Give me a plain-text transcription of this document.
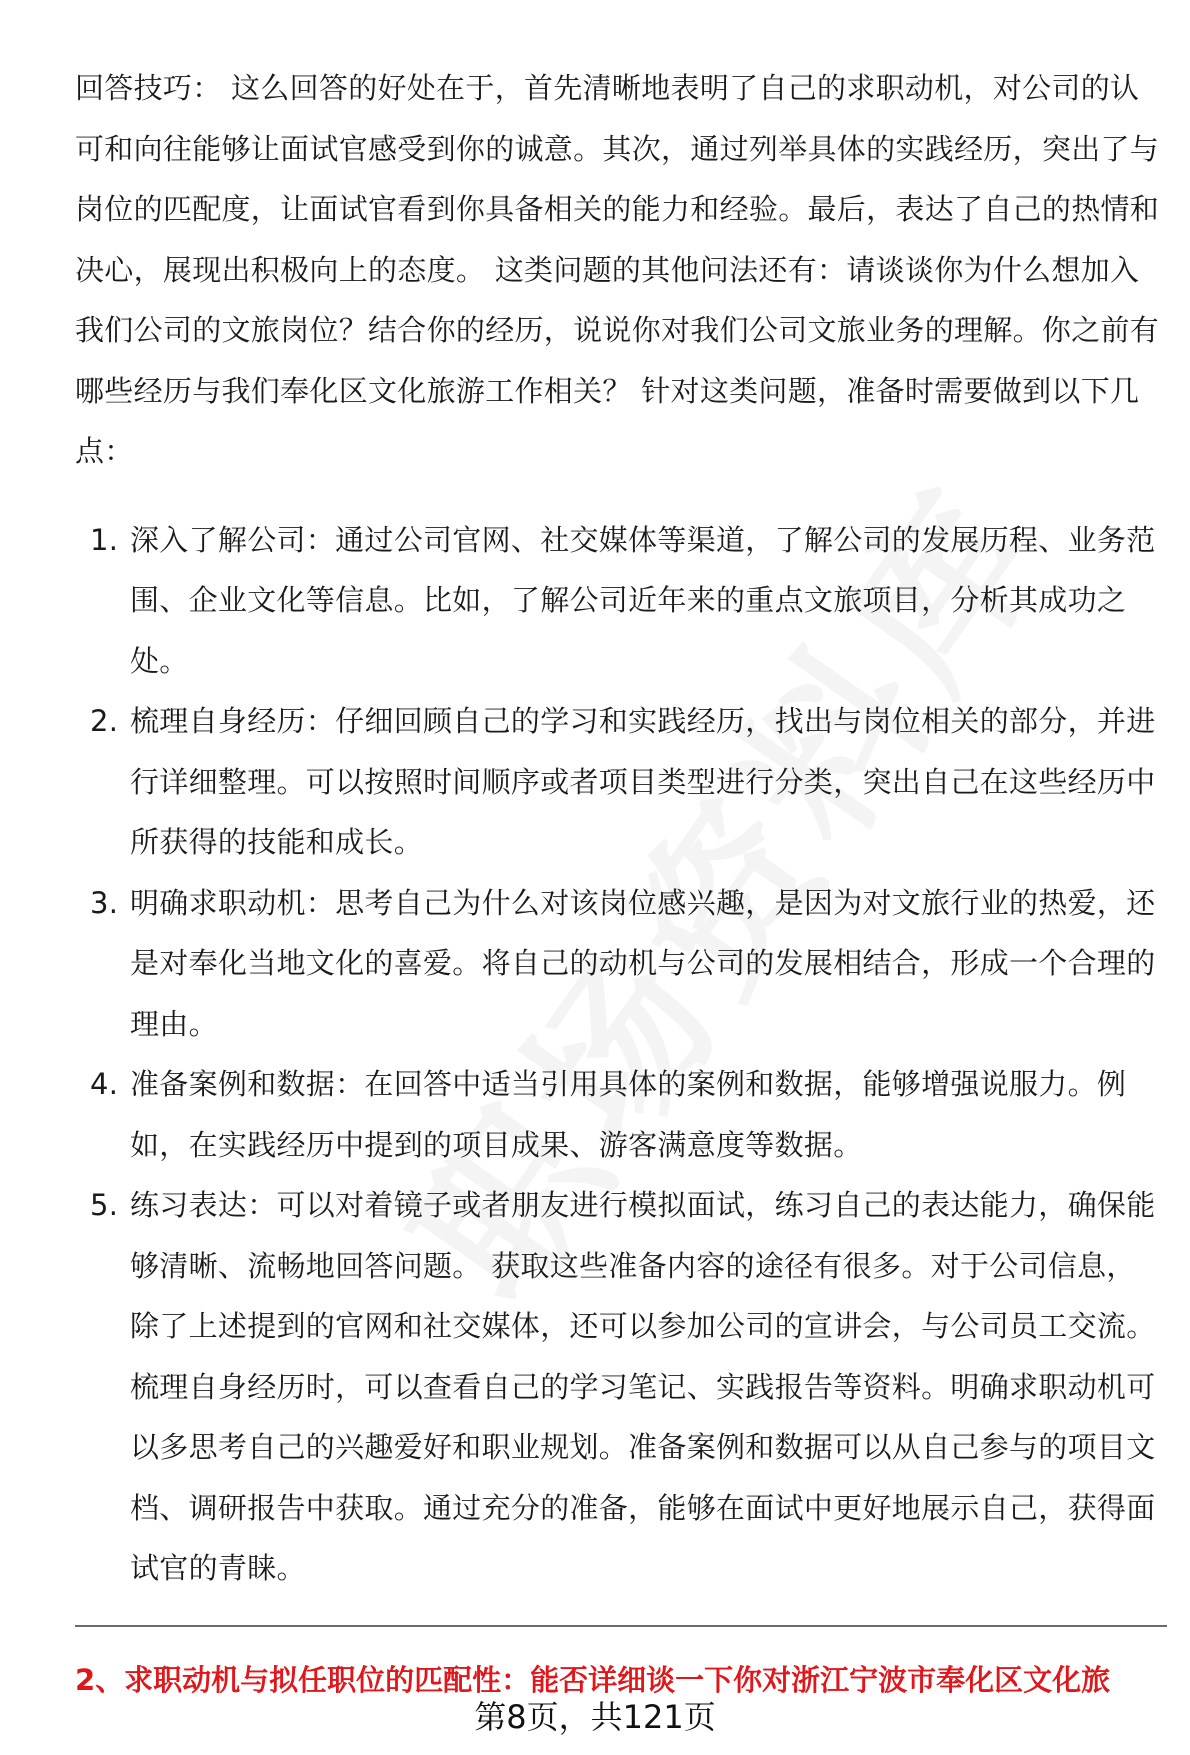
回答技巧： 这么回答的好处在于，首先清晰地表明了自己的求职动机，对公司的认可和向往能够让面试官感受到你的诚意。其次，通过列举具体的实践经历，突出了与岗位的匹配度，让面试官看到你具备相关的能力和经验。最后，表达了自己的热情和决心，展现出积极向上的态度。 这类问题的其他问法还有：请谈谈你为什么想加入我们公司的文旅岗位？结合你的经历，说说你对我们公司文旅业务的理解。你之前有哪些经历与我们奉化区文化旅游工作相关？ 针对这类问题，准备时需要做到以下几点：

1. 深入了解公司：通过公司官网、社交媒体等渠道，了解公司的发展历程、业务范围、企业文化等信息。比如，了解公司近年来的重点文旅项目，分析其成功之处。
2. 梳理自身经历：仔细回顾自己的学习和实践经历，找出与岗位相关的部分，并进行详细整理。可以按照时间顺序或者项目类型进行分类，突出自己在这些经历中所获得的技能和成长。
3. 明确求职动机：思考自己为什么对该岗位感兴趣，是因为对文旅行业的热爱，还是对奉化当地文化的喜爱。将自己的动机与公司的发展相结合，形成一个合理的理由。
4. 准备案例和数据：在回答中适当引用具体的案例和数据，能够增强说服力。例如，在实践经历中提到的项目成果、游客满意度等数据。
5. 练习表达：可以对着镜子或者朋友进行模拟面试，练习自己的表达能力，确保能够清晰、流畅地回答问题。 获取这些准备内容的途径有很多。对于公司信息，除了上述提到的官网和社交媒体，还可以参加公司的宣讲会，与公司员工交流。梳理自身经历时，可以查看自己的学习笔记、实践报告等资料。明确求职动机可以多思考自己的兴趣爱好和职业规划。准备案例和数据可以从自己参与的项目文档、调研报告中获取。通过充分的准备，能够在面试中更好地展示自己，获得面试官的青睐。

2、求职动机与拟任职位的匹配性：能否详细谈一下你对浙江宁波市奉化区文化旅

第8页，共121页
